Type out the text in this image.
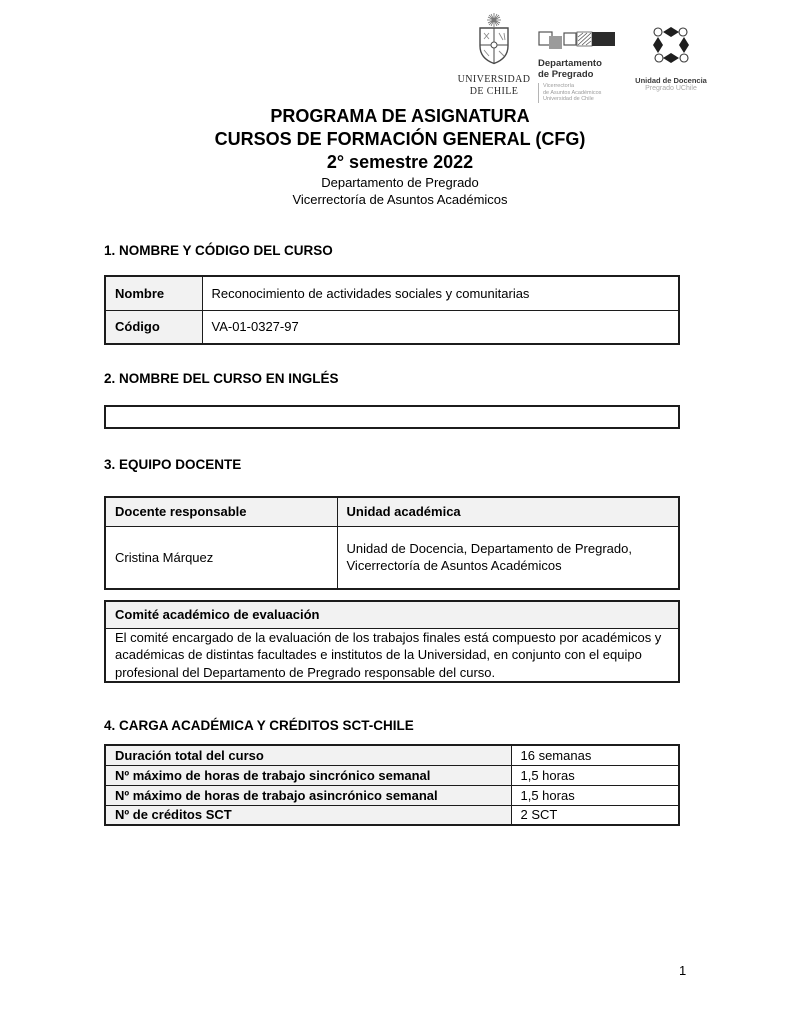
UNIVERSIDAD
DE CHILE
Departamento
de Pregrado
Vicerrectoría
de Asuntos Académicos
Universidad de Chile
Unidad de Docencia
Pregrado UChile
PROGRAMA DE ASIGNATURA
CURSOS DE FORMACIÓN GENERAL (CFG)
2° semestre 2022
Departamento de Pregrado
Vicerrectoría de Asuntos Académicos
1. NOMBRE Y CÓDIGO DEL CURSO
Nombre	Reconocimiento de actividades sociales y comunitarias
Código	VA-01-0327-97
2. NOMBRE DEL CURSO EN INGLÉS
3. EQUIPO DOCENTE
Docente responsable	Unidad académica
Cristina Márquez	Unidad de Docencia, Departamento de Pregrado, Vicerrectoría de Asuntos Académicos
Comité académico de evaluación
El comité encargado de la evaluación de los trabajos finales está compuesto por académicos y académicas de distintas facultades e institutos de la Universidad, en conjunto con el equipo profesional del Departamento de Pregrado responsable del curso.
4. CARGA ACADÉMICA Y CRÉDITOS SCT-CHILE
Duración total del curso	16 semanas
Nº máximo de horas de trabajo sincrónico semanal	1,5 horas
Nº máximo de horas de trabajo asincrónico semanal	1,5 horas
Nº de créditos SCT	2 SCT
1
